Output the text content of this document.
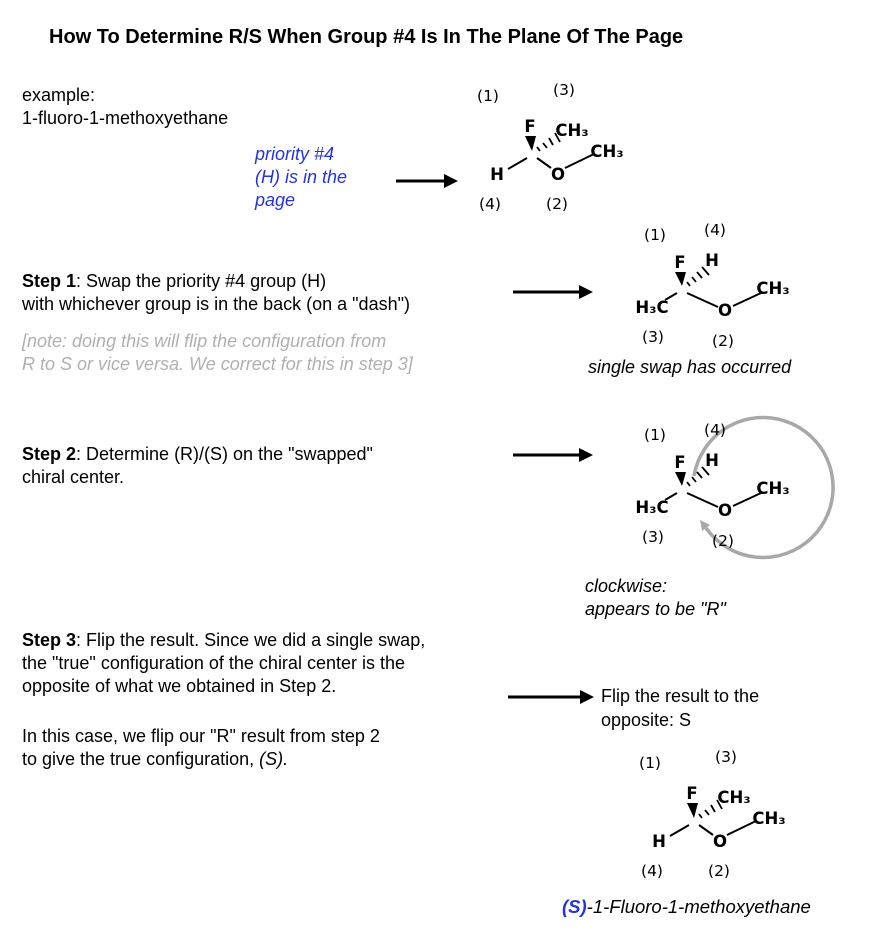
How To Determine R/S When Group #4 Is In The Plane Of The Page
example:
1-fluoro-1-methoxyethane
priority #4
(H) is in the
page
(1)	(3)
F CH₃
H	O
CH₃
(4)	(2)
Step 1: Swap the priority #4 group (H)
with whichever group is in the back (on a "dash")
[note: doing this will flip the configuration from
R to S or vice versa. We correct for this in step 3]
(1) (4)
F H
H₃C	O
CH₃
(3)	(2)
single swap has occurred
Step 2: Determine (R)/(S) on the "swapped"
chiral center.
(1) (4)
F H
H₃C	O
CH₃
(3)	(2)
clockwise:
appears to be "R"
Step 3: Flip the result. Since we did a single swap,
the "true" configuration of the chiral center is the
opposite of what we obtained in Step 2.
In this case, we flip our "R" result from step 2
to give the true configuration, (S).
Flip the result to the
opposite: S
(1)	(3)
F CH₃
H	O
CH₃
(4)	(2)
(S)-1-Fluoro-1-methoxyethane
